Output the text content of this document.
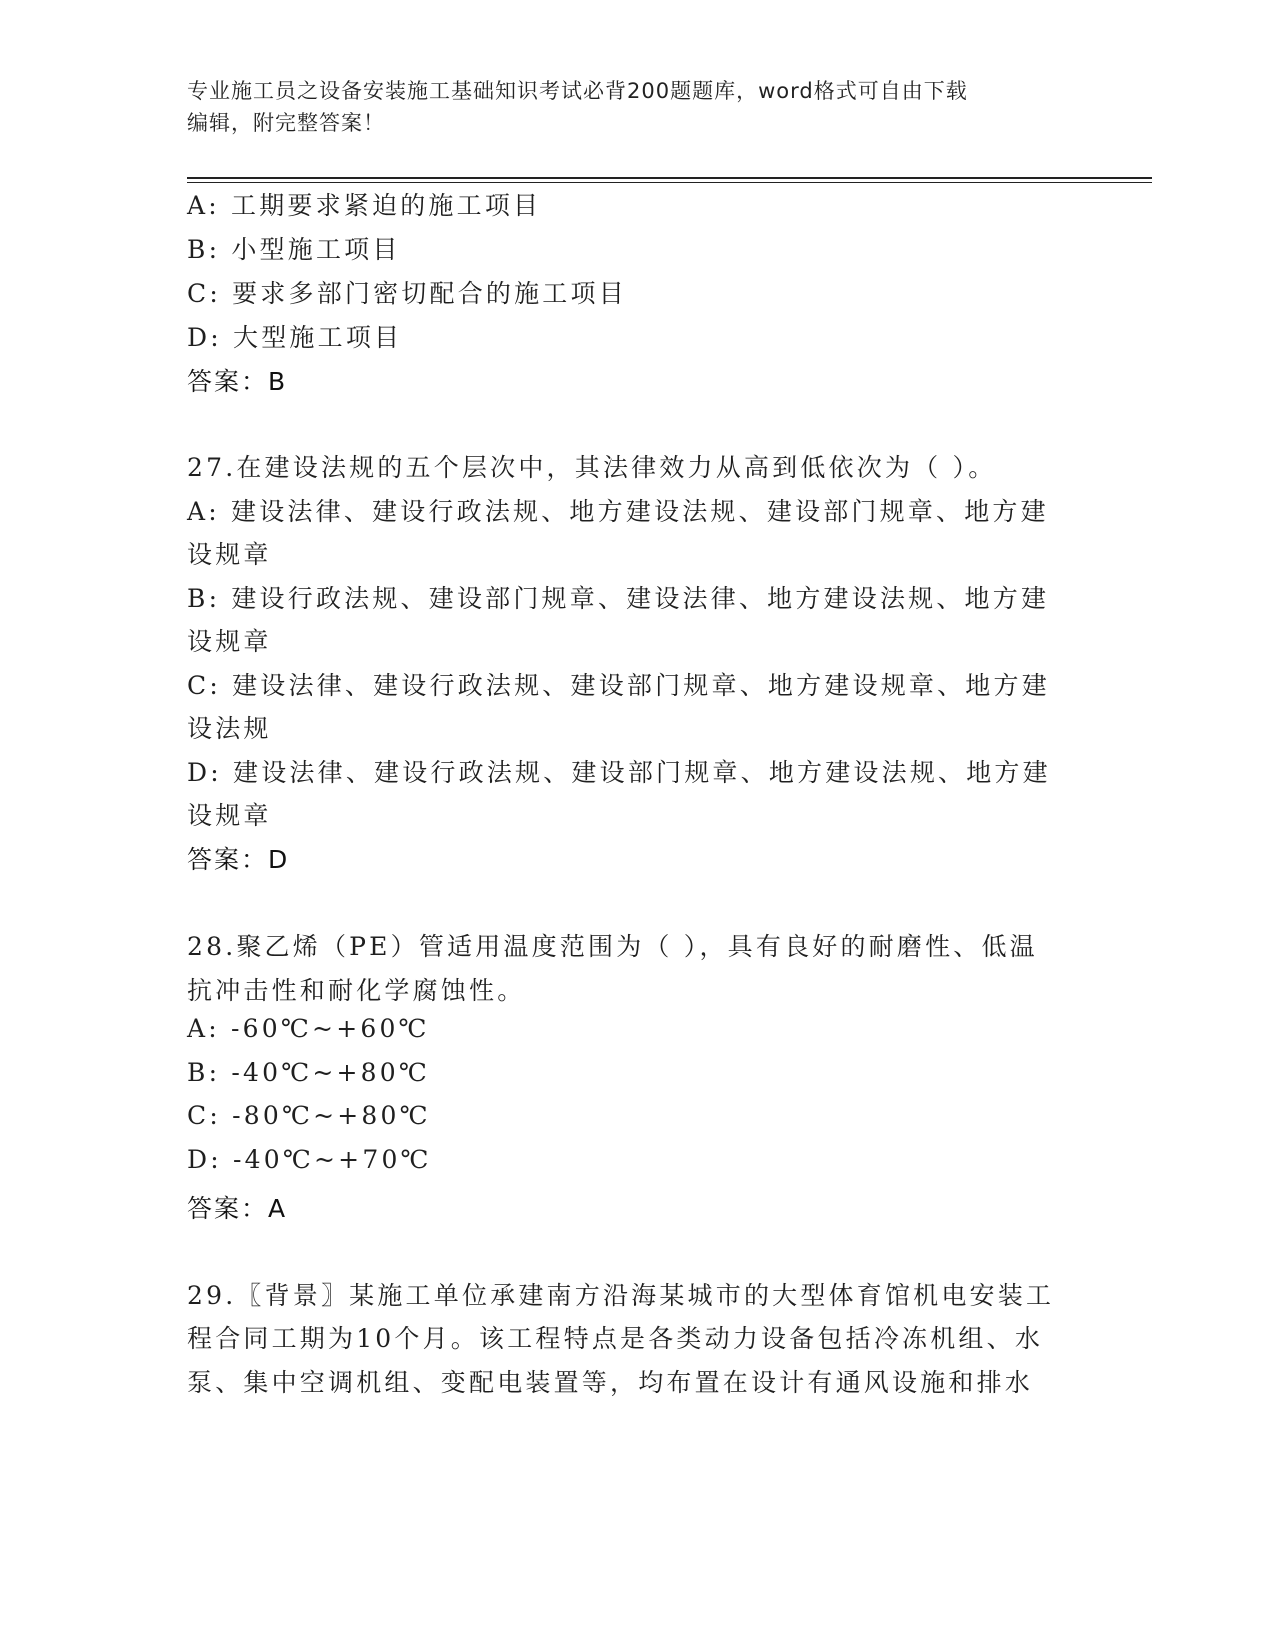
专业施工员之设备安装施工基础知识考试必背200题题库，word格式可自由下载
编辑，附完整答案！
A: 工期要求紧迫的施工项目
B: 小型施工项目
C: 要求多部门密切配合的施工项目
D: 大型施工项目
答案：B
27.在建设法规的五个层次中，其法律效力从高到低依次为（ ）。
A: 建设法律、建设行政法规、地方建设法规、建设部门规章、地方建
设规章
B: 建设行政法规、建设部门规章、建设法律、地方建设法规、地方建
设规章
C: 建设法律、建设行政法规、建设部门规章、地方建设规章、地方建
设法规
D: 建设法律、建设行政法规、建设部门规章、地方建设法规、地方建
设规章
答案：D
28.聚乙烯（PE）管适用温度范围为（ ），具有良好的耐磨性、低温
抗冲击性和耐化学腐蚀性。
A: -60℃~+60℃
B: -40℃~+80℃
C: -80℃~+80℃
D: -40℃~+70℃
答案：A
29.〖背景〗某施工单位承建南方沿海某城市的大型体育馆机电安装工
程合同工期为10个月。该工程特点是各类动力设备包括冷冻机组、水
泵、集中空调机组、变配电装置等，均布置在设计有通风设施和排水
